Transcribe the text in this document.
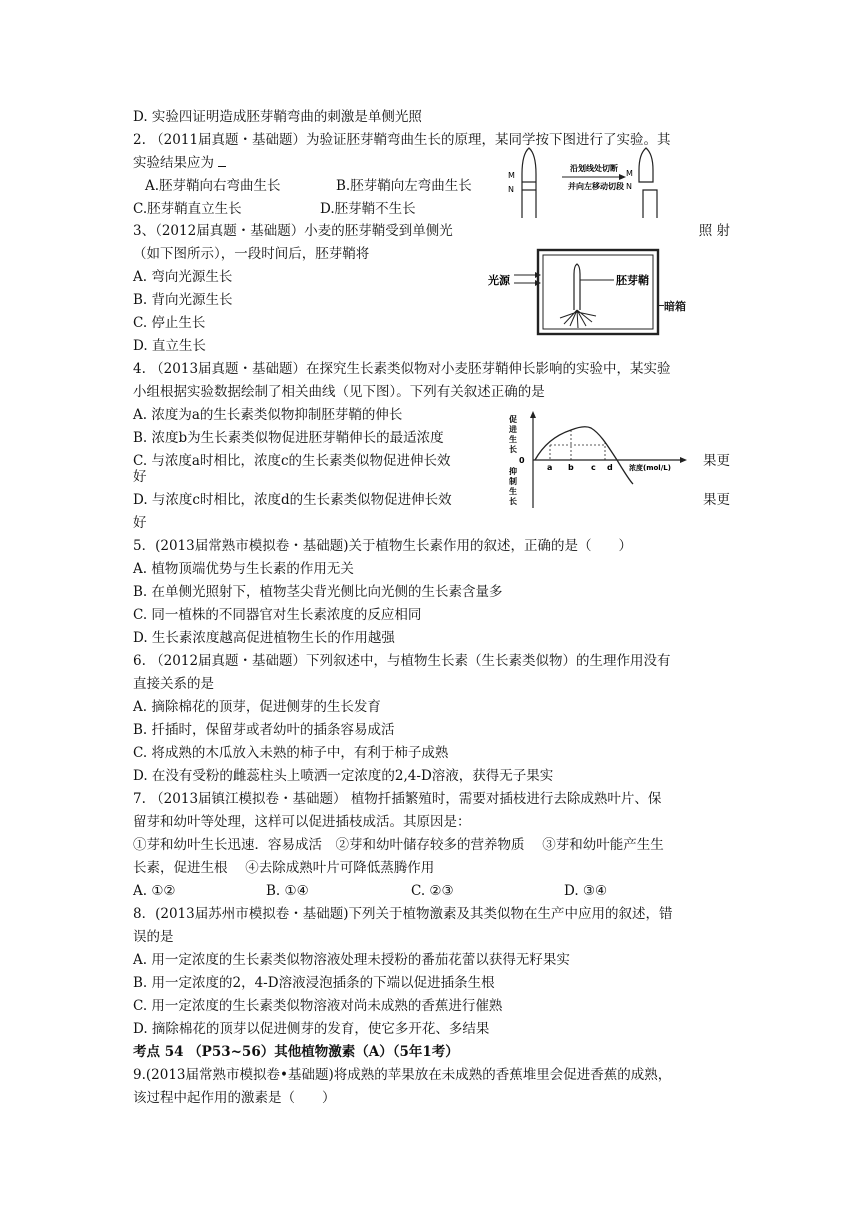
D. 实验四证明造成胚芽鞘弯曲的刺激是单侧光照
2. （2011届真题・基础题）为验证胚芽鞘弯曲生长的原理，某同学按下图进行了实验。其
实验结果应为
A.胚芽鞘向右弯曲生长	B.胚芽鞘向左弯曲生长
C.胚芽鞘直立生长	D.胚芽鞘不生长
M
N
沿划线处切断
并向左移动切段
M
N
3、（2012届真题・基础题）小麦的胚芽鞘受到单侧光	照 射
（如下图所示），一段时间后，胚芽鞘将
A. 弯向光源生长
B. 背向光源生长
C. 停止生长
D. 直立生长
光源	胚芽鞘
暗箱
4. （2013届真题・基础题）在探究生长素类似物对小麦胚芽鞘伸长影响的实验中，某实验
小组根据实验数据绘制了相关曲线（见下图）。下列有关叙述正确的是
A. 浓度为a的生长素类似物抑制胚芽鞘的伸长
B. 浓度b为生长素类似物促进胚芽鞘伸长的最适浓度
C. 与浓度a时相比，浓度c的生长素类似物促进伸长效	果更
好
D. 与浓度c时相比，浓度d的生长素类似物促进伸长效	果更
好
促进生长
0
抑制生长
a b c d 浓度(mol/L)
5．(2013届常熟市模拟卷・基础题)关于植物生长素作用的叙述，正确的是（　　）
A. 植物顶端优势与生长素的作用无关
B. 在单侧光照射下，植物茎尖背光侧比向光侧的生长素含量多
C. 同一植株的不同器官对生长素浓度的反应相同
D. 生长素浓度越高促进植物生长的作用越强
6. （2012届真题・基础题）下列叙述中，与植物生长素（生长素类似物）的生理作用没有
直接关系的是
A. 摘除棉花的顶芽，促进侧芽的生长发育
B. 扦插时，保留芽或者幼叶的插条容易成活
C. 将成熟的木瓜放入未熟的柿子中，有利于柿子成熟
D. 在没有受粉的雌蕊柱头上喷洒一定浓度的2,4-D溶液，获得无子果实
7. （2013届镇江模拟卷・基础题） 植物扦插繁殖时，需要对插枝进行去除成熟叶片、保
留芽和幼叶等处理，这样可以促进插枝成活。其原因是：
①芽和幼叶生长迅速．容易成活　②芽和幼叶储存较多的营养物质　 ③芽和幼叶能产生生
长素，促进生根　 ④去除成熟叶片可降低蒸腾作用
A. ①②	B. ①④	C. ②③	D. ③④
8．(2013届苏州市模拟卷・基础题)下列关于植物激素及其类似物在生产中应用的叙述，错
误的是
A. 用一定浓度的生长素类似物溶液处理未授粉的番茄花蕾以获得无籽果实
B. 用一定浓度的2，4-D溶液浸泡插条的下端以促进插条生根
C. 用一定浓度的生长素类似物溶液对尚未成熟的香蕉进行催熟
D. 摘除棉花的顶芽以促进侧芽的发育，使它多开花、多结果
考点 54 （P53~56）其他植物激素（A）（5年1考）
9.(2013届常熟市模拟卷•基础题)将成熟的苹果放在未成熟的香蕉堆里会促进香蕉的成熟，
该过程中起作用的激素是（　　）
